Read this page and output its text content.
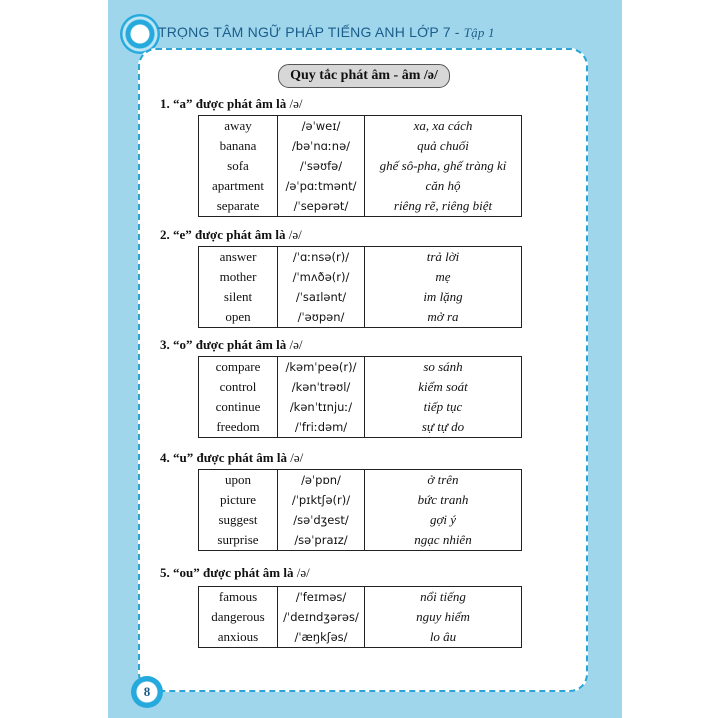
TRỌNG TÂM NGỮ PHÁP TIẾNG ANH LỚP 7 - Tập 1
Quy tắc phát âm - âm /ə/
1. “a” được phát âm là /ə/
away	/əˈweɪ/	xa, xa cách
banana	/bəˈnɑːnə/	quả chuối
sofa	/ˈsəʊfə/	ghế sô-pha, ghế tràng kỉ
apartment	/əˈpɑːtmənt/	căn hộ
separate	/ˈsepərət/	riêng rẽ, riêng biệt
2. “e” được phát âm là /ə/
answer	/ˈɑːnsə(r)/	trả lời
mother	/ˈmʌðə(r)/	mẹ
silent	/ˈsaɪlənt/	im lặng
open	/ˈəʊpən/	mở ra
3. “o” được phát âm là /ə/
compare	/kəmˈpeə(r)/	so sánh
control	/kənˈtrəʊl/	kiểm soát
continue	/kənˈtɪnjuː/	tiếp tục
freedom	/ˈfriːdəm/	sự tự do
4. “u” được phát âm là /ə/
upon	/əˈpɒn/	ở trên
picture	/ˈpɪktʃə(r)/	bức tranh
suggest	/səˈdʒest/	gợi ý
surprise	/səˈpraɪz/	ngạc nhiên
5. “ou” được phát âm là /ə/
famous	/ˈfeɪməs/	nổi tiếng
dangerous	/ˈdeɪndʒərəs/	nguy hiểm
anxious	/ˈæŋkʃəs/	lo âu
8
